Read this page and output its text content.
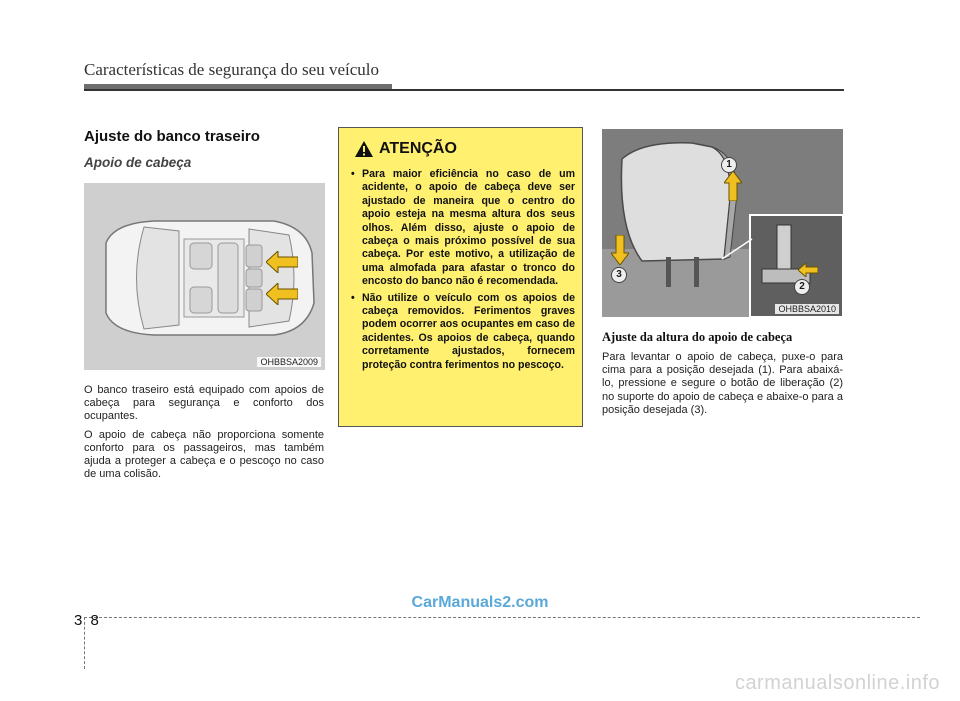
Características de segurança do seu veículo
Ajuste do banco traseiro
Apoio de cabeça
OHBBSA2009

O banco traseiro está equipado com apoios de cabeça para segurança e conforto dos ocupantes.

O apoio de cabeça não proporciona somente conforto para os passageiros, mas também ajuda a proteger a cabeça e o pescoço no caso de uma colisão.

ATENÇÃO
• Para maior eficiência no caso de um acidente, o apoio de cabeça deve ser ajustado de maneira que o centro do apoio esteja na mesma altura dos seus olhos. Além disso, ajuste o apoio de cabeça o mais próximo possível de sua cabeça. Por este motivo, a utilização de uma almofada para afastar o tronco do encosto do banco não é recomendada.
• Não utilize o veículo com os apoios de cabeça removidos. Ferimentos graves podem ocorrer aos ocupantes em caso de acidentes. Os apoios de cabeça, quando corretamente ajustados, fornecem proteção contra ferimentos no pescoço.
1
2
3
OHBBSA2010
Ajuste da altura do apoio de cabeça
Para levantar o apoio de cabeça, puxe-o para cima para a posição desejada (1). Para abaixá-lo, pressione e segure o botão de liberação (2) no suporte do apoio de cabeça e abaixe-o para a posição desejada (3).
CarManuals2.com
3 8
carmanualsonline.info
